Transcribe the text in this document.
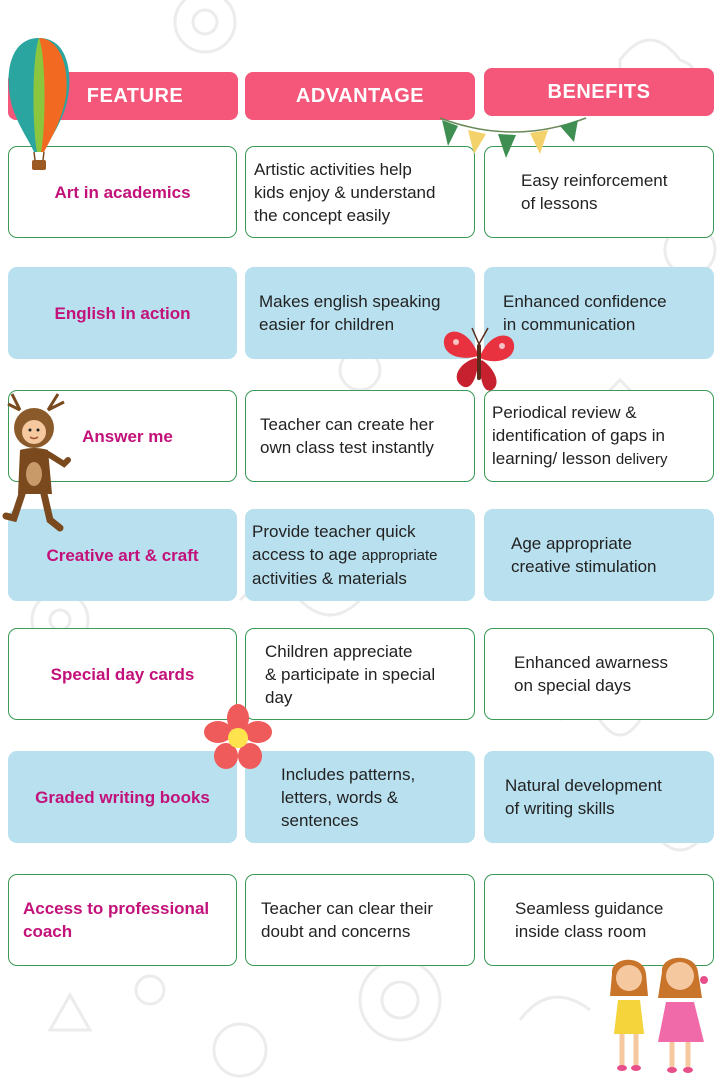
FEATURE	ADVANTAGE	BENEFITS
Art in academics
Artistic activities help
kids enjoy & understand
the concept easily
Easy reinforcement
of lessons
English in action
Makes english speaking
easier for children
Enhanced confidence
in communication
Answer me
Teacher can create her
own class test instantly
Periodical review &
identification of gaps in
learning/ lesson delivery
Creative art & craft
Provide teacher quick
access to age appropriate
activities & materials
Age appropriate
creative stimulation
Special day cards
Children appreciate
& participate in special
day
Enhanced awarness
on special days
Graded writing books
Includes patterns,
letters, words &
sentences
Natural development
of writing skills
Access to professional
coach
Teacher can clear their
doubt and concerns
Seamless guidance
inside class room
